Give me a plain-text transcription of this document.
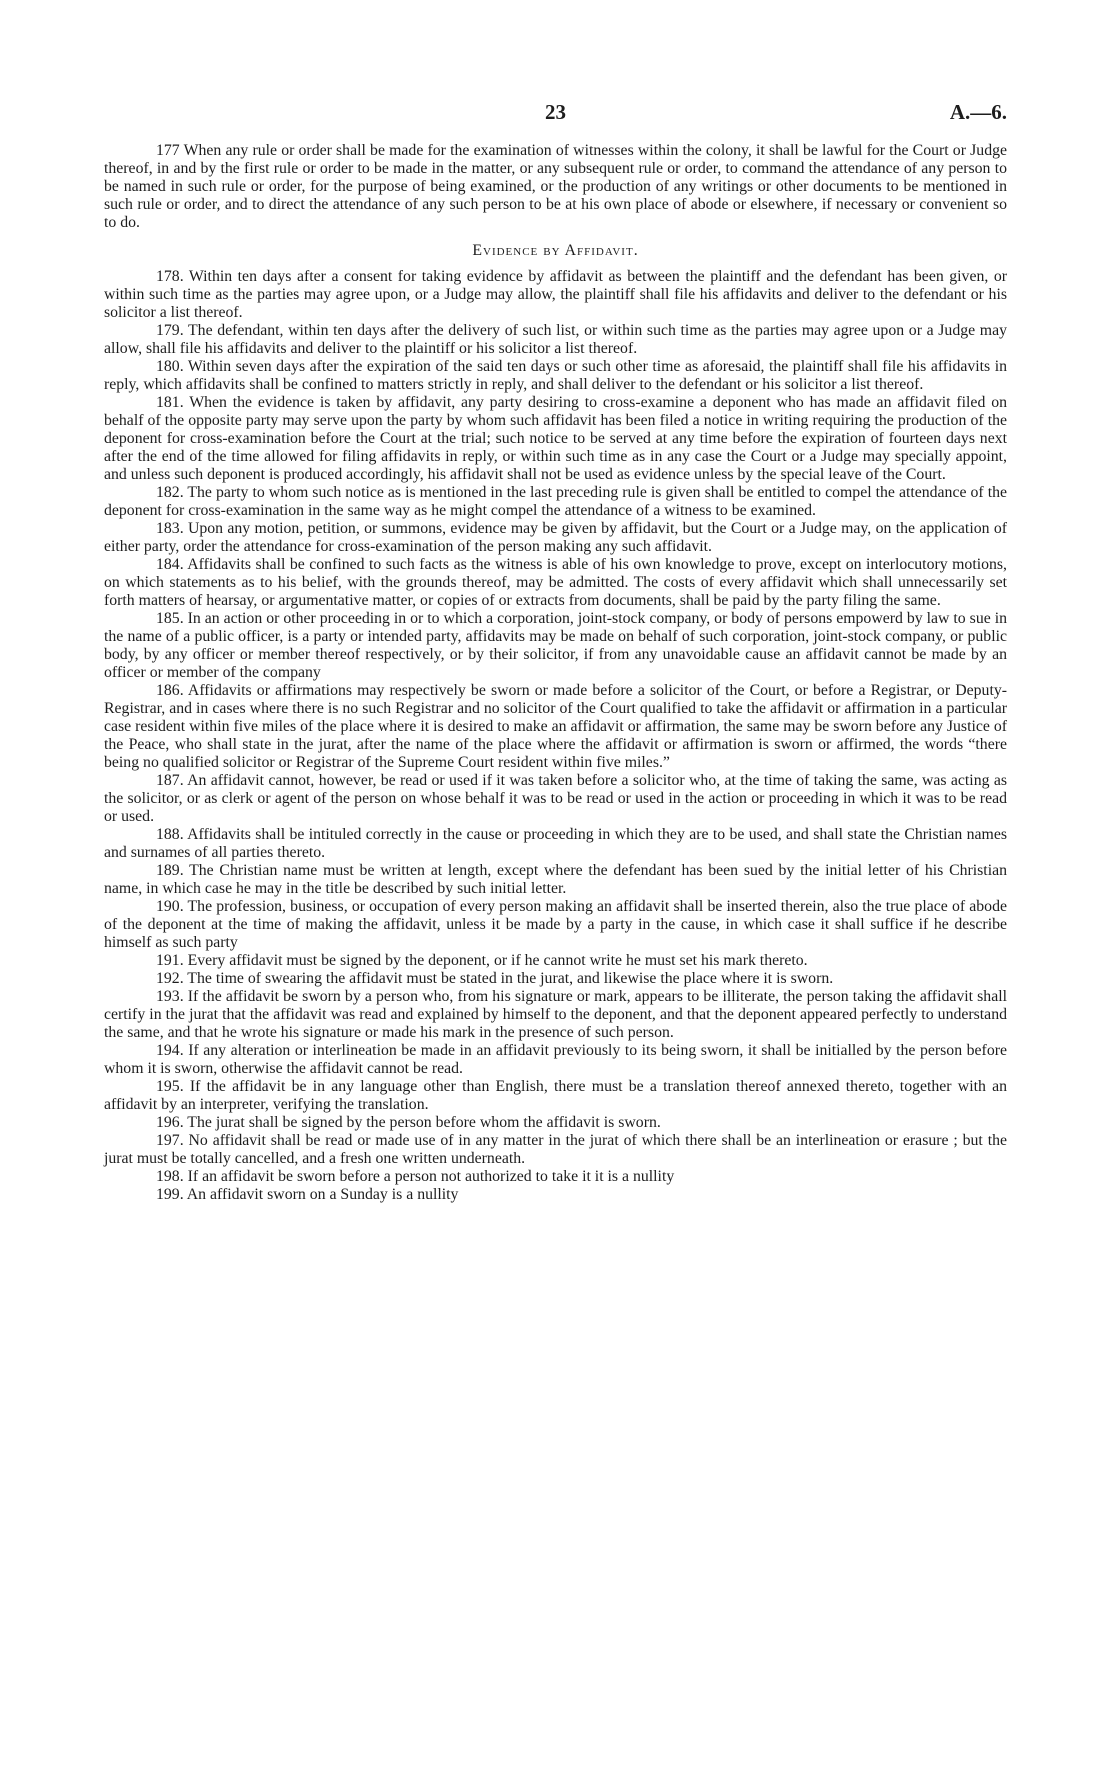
23	A.—6.

177 When any rule or order shall be made for the examination of witnesses within the colony, it shall be lawful for the Court or Judge thereof, in and by the first rule or order to be made in the matter, or any subsequent rule or order, to command the attendance of any person to be named in such rule or order, for the purpose of being examined, or the production of any writings or other documents to be mentioned in such rule or order, and to direct the attendance of any such person to be at his own place of abode or elsewhere, if necessary or convenient so to do.

Evidence by Affidavit.

178. Within ten days after a consent for taking evidence by affidavit as between the plaintiff and the defendant has been given, or within such time as the parties may agree upon, or a Judge may allow, the plaintiff shall file his affidavits and deliver to the defendant or his solicitor a list thereof.

179. The defendant, within ten days after the delivery of such list, or within such time as the parties may agree upon or a Judge may allow, shall file his affidavits and deliver to the plaintiff or his solicitor a list thereof.

180. Within seven days after the expiration of the said ten days or such other time as aforesaid, the plaintiff shall file his affidavits in reply, which affidavits shall be confined to matters strictly in reply, and shall deliver to the defendant or his solicitor a list thereof.

181. When the evidence is taken by affidavit, any party desiring to cross-examine a deponent who has made an affidavit filed on behalf of the opposite party may serve upon the party by whom such affidavit has been filed a notice in writing requiring the production of the deponent for cross-examination before the Court at the trial; such notice to be served at any time before the expiration of fourteen days next after the end of the time allowed for filing affidavits in reply, or within such time as in any case the Court or a Judge may specially appoint, and unless such deponent is produced accordingly, his affidavit shall not be used as evidence unless by the special leave of the Court.

182. The party to whom such notice as is mentioned in the last preceding rule is given shall be entitled to compel the attendance of the deponent for cross-examination in the same way as he might compel the attendance of a witness to be examined.

183. Upon any motion, petition, or summons, evidence may be given by affidavit, but the Court or a Judge may, on the application of either party, order the attendance for cross-examination of the person making any such affidavit.

184. Affidavits shall be confined to such facts as the witness is able of his own knowledge to prove, except on interlocutory motions, on which statements as to his belief, with the grounds thereof, may be admitted. The costs of every affidavit which shall unnecessarily set forth matters of hearsay, or argumentative matter, or copies of or extracts from documents, shall be paid by the party filing the same.

185. In an action or other proceeding in or to which a corporation, joint-stock company, or body of persons empowerd by law to sue in the name of a public officer, is a party or intended party, affidavits may be made on behalf of such corporation, joint-stock company, or public body, by any officer or member thereof respectively, or by their solicitor, if from any unavoidable cause an affidavit cannot be made by an officer or member of the company

186. Affidavits or affirmations may respectively be sworn or made before a solicitor of the Court, or before a Registrar, or Deputy-Registrar, and in cases where there is no such Registrar and no solicitor of the Court qualified to take the affidavit or affirmation in a particular case resident within five miles of the place where it is desired to make an affidavit or affirmation, the same may be sworn before any Justice of the Peace, who shall state in the jurat, after the name of the place where the affidavit or affirmation is sworn or affirmed, the words “there being no qualified solicitor or Registrar of the Supreme Court resident within five miles.”

187. An affidavit cannot, however, be read or used if it was taken before a solicitor who, at the time of taking the same, was acting as the solicitor, or as clerk or agent of the person on whose behalf it was to be read or used in the action or proceeding in which it was to be read or used.

188. Affidavits shall be intituled correctly in the cause or proceeding in which they are to be used, and shall state the Christian names and surnames of all parties thereto.

189. The Christian name must be written at length, except where the defendant has been sued by the initial letter of his Christian name, in which case he may in the title be described by such initial letter.

190. The profession, business, or occupation of every person making an affidavit shall be inserted therein, also the true place of abode of the deponent at the time of making the affidavit, unless it be made by a party in the cause, in which case it shall suffice if he describe himself as such party

191. Every affidavit must be signed by the deponent, or if he cannot write he must set his mark thereto.

192. The time of swearing the affidavit must be stated in the jurat, and likewise the place where it is sworn.

193. If the affidavit be sworn by a person who, from his signature or mark, appears to be illiterate, the person taking the affidavit shall certify in the jurat that the affidavit was read and explained by himself to the deponent, and that the deponent appeared perfectly to understand the same, and that he wrote his signature or made his mark in the presence of such person.

194. If any alteration or interlineation be made in an affidavit previously to its being sworn, it shall be initialled by the person before whom it is sworn, otherwise the affidavit cannot be read.

195. If the affidavit be in any language other than English, there must be a translation thereof annexed thereto, together with an affidavit by an interpreter, verifying the translation.

196. The jurat shall be signed by the person before whom the affidavit is sworn.

197. No affidavit shall be read or made use of in any matter in the jurat of which there shall be an interlineation or erasure ; but the jurat must be totally cancelled, and a fresh one written underneath.

198. If an affidavit be sworn before a person not authorized to take it it is a nullity

199. An affidavit sworn on a Sunday is a nullity
